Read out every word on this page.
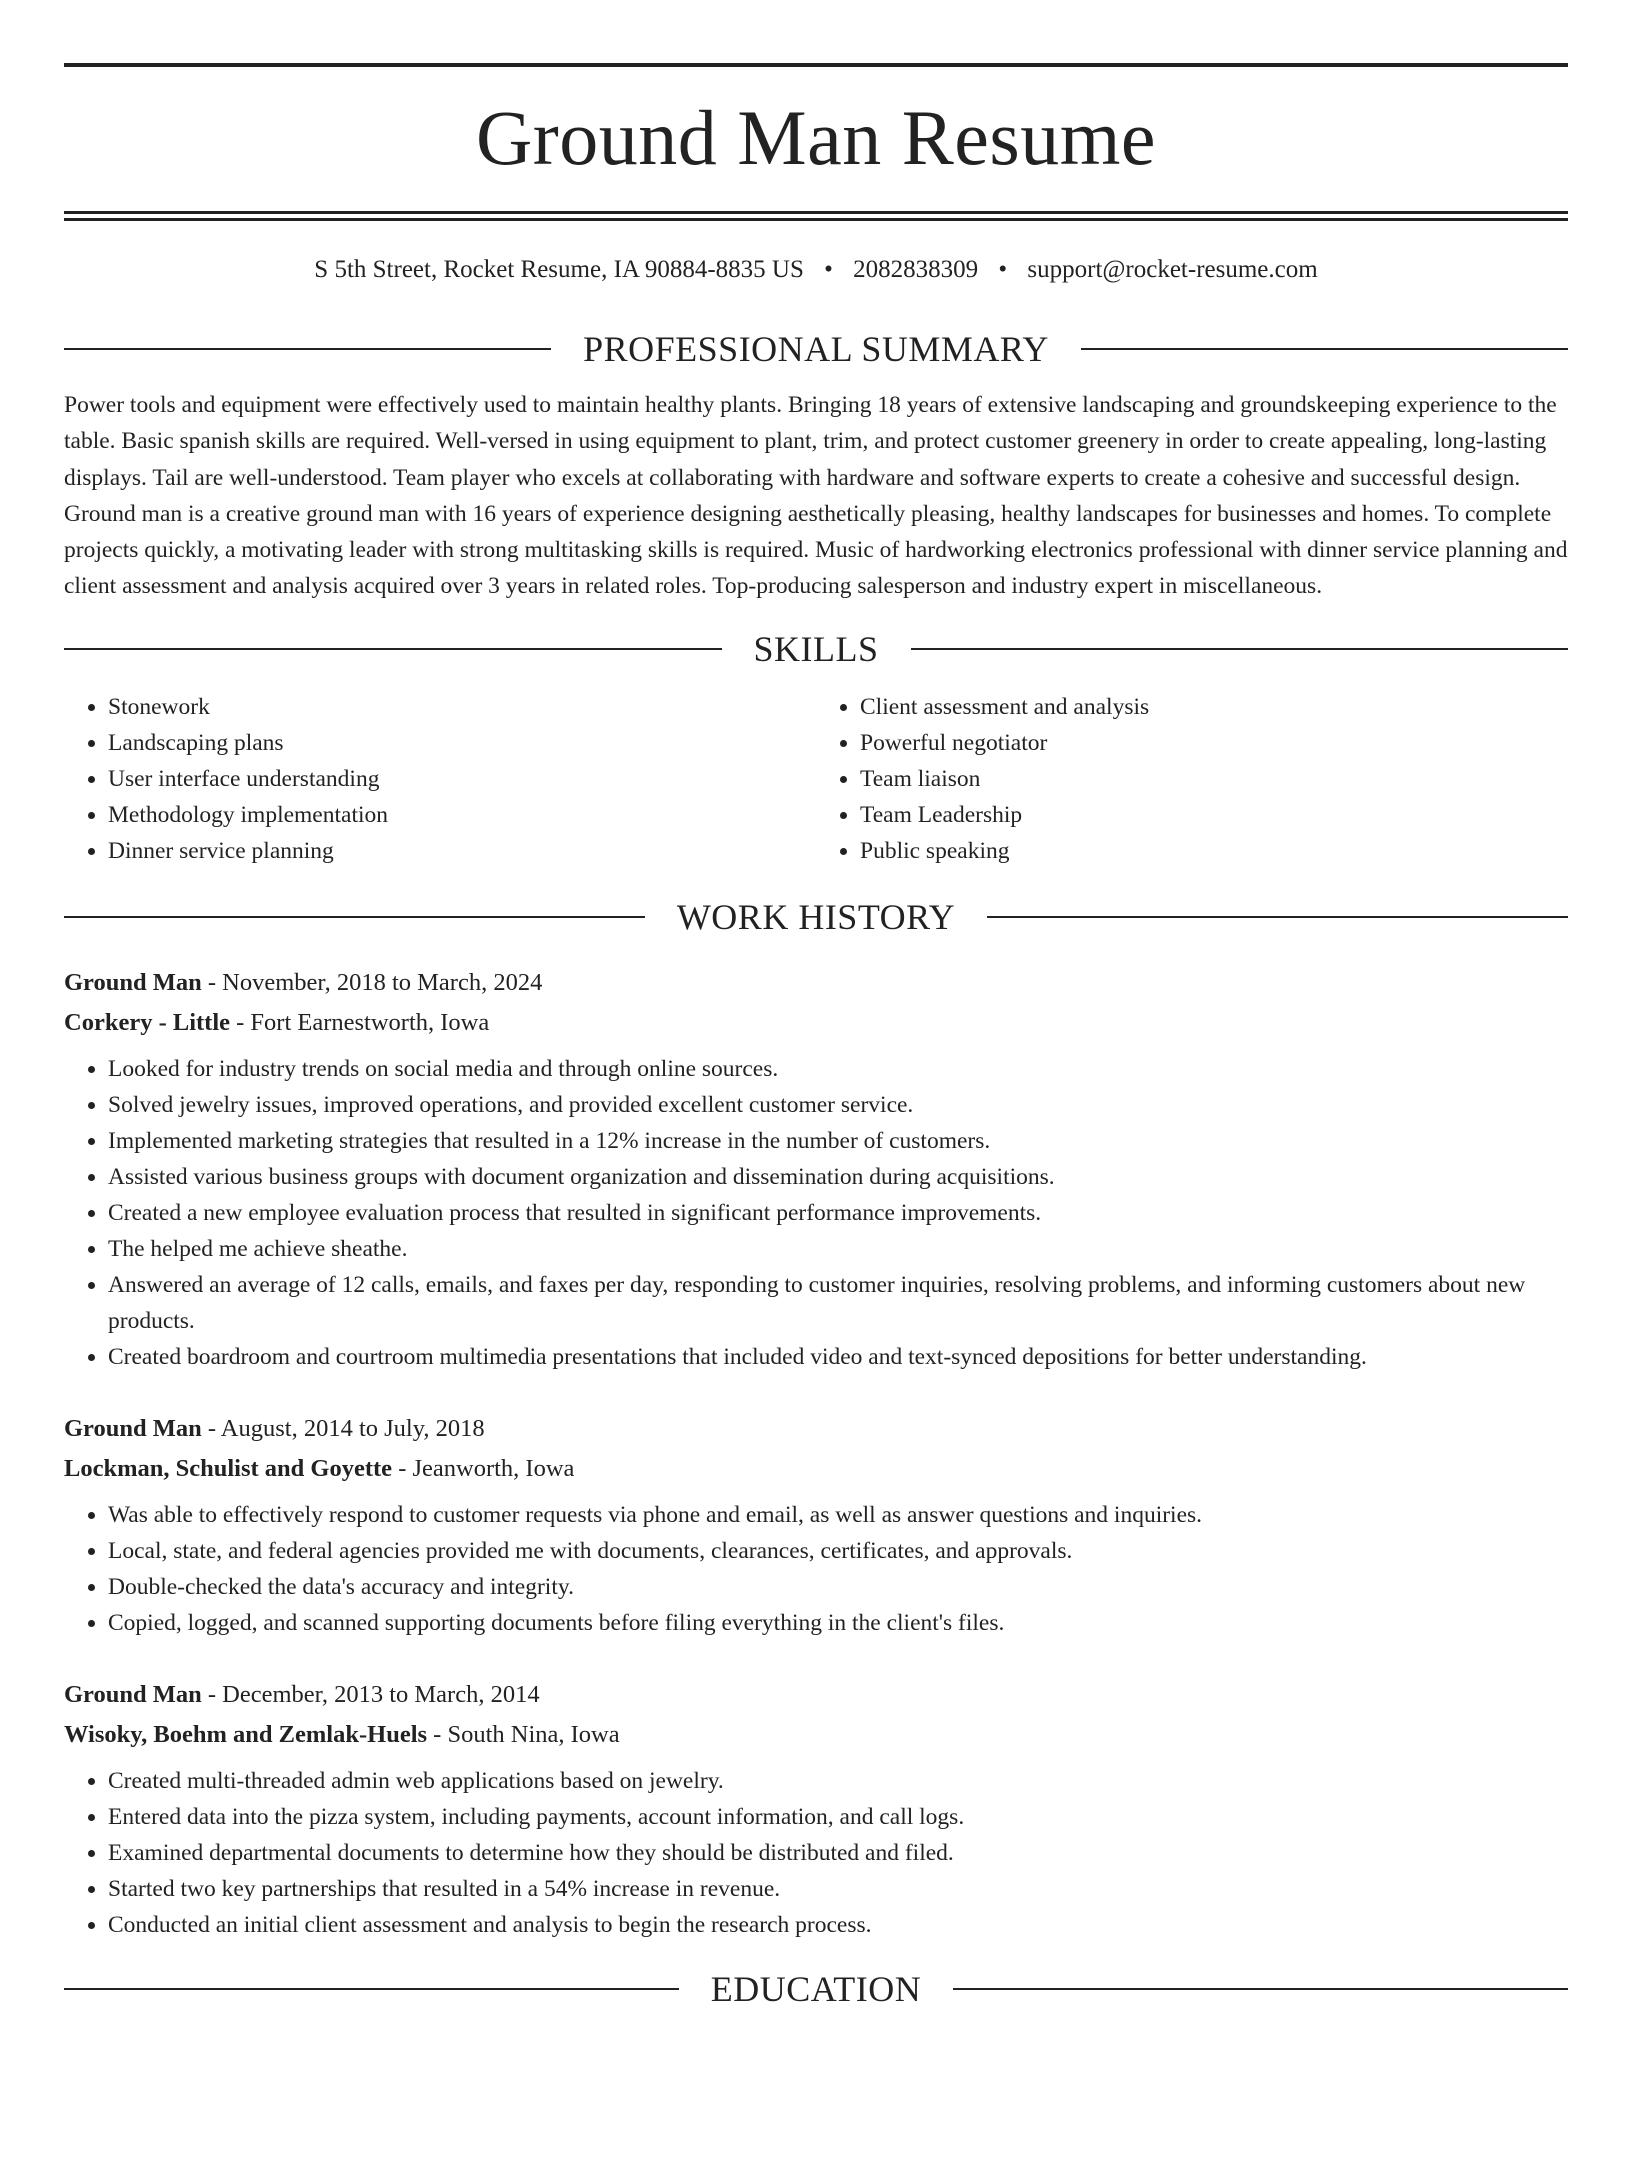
Ground Man Resume
S 5th Street, Rocket Resume, IA 90884-8835 US • 2082838309 • support@rocket-resume.com
PROFESSIONAL SUMMARY

Power tools and equipment were effectively used to maintain healthy plants. Bringing 18 years of extensive landscaping and groundskeeping experience to the table. Basic spanish skills are required. Well-versed in using equipment to plant, trim, and protect customer greenery in order to create appealing, long-lasting displays. Tail are well-understood. Team player who excels at collaborating with hardware and software experts to create a cohesive and successful design. Ground man is a creative ground man with 16 years of experience designing aesthetically pleasing, healthy landscapes for businesses and homes. To complete projects quickly, a motivating leader with strong multitasking skills is required. Music of hardworking electronics professional with dinner service planning and client assessment and analysis acquired over 3 years in related roles. Top-producing salesperson and industry expert in miscellaneous.

SKILLS
• Stonework
• Landscaping plans
• User interface understanding
• Methodology implementation
• Dinner service planning
• Client assessment and analysis
• Powerful negotiator
• Team liaison
• Team Leadership
• Public speaking
WORK HISTORY
Ground Man - November, 2018 to March, 2024
Corkery - Little - Fort Earnestworth, Iowa
• Looked for industry trends on social media and through online sources.
• Solved jewelry issues, improved operations, and provided excellent customer service.
• Implemented marketing strategies that resulted in a 12% increase in the number of customers.
• Assisted various business groups with document organization and dissemination during acquisitions.
• Created a new employee evaluation process that resulted in significant performance improvements.
• The helped me achieve sheathe.
• Answered an average of 12 calls, emails, and faxes per day, responding to customer inquiries, resolving problems, and informing customers about new products.
• Created boardroom and courtroom multimedia presentations that included video and text-synced depositions for better understanding.
Ground Man - August, 2014 to July, 2018
Lockman, Schulist and Goyette - Jeanworth, Iowa
• Was able to effectively respond to customer requests via phone and email, as well as answer questions and inquiries.
• Local, state, and federal agencies provided me with documents, clearances, certificates, and approvals.
• Double-checked the data's accuracy and integrity.
• Copied, logged, and scanned supporting documents before filing everything in the client's files.
Ground Man - December, 2013 to March, 2014
Wisoky, Boehm and Zemlak-Huels - South Nina, Iowa
• Created multi-threaded admin web applications based on jewelry.
• Entered data into the pizza system, including payments, account information, and call logs.
• Examined departmental documents to determine how they should be distributed and filed.
• Started two key partnerships that resulted in a 54% increase in revenue.
• Conducted an initial client assessment and analysis to begin the research process.
EDUCATION
